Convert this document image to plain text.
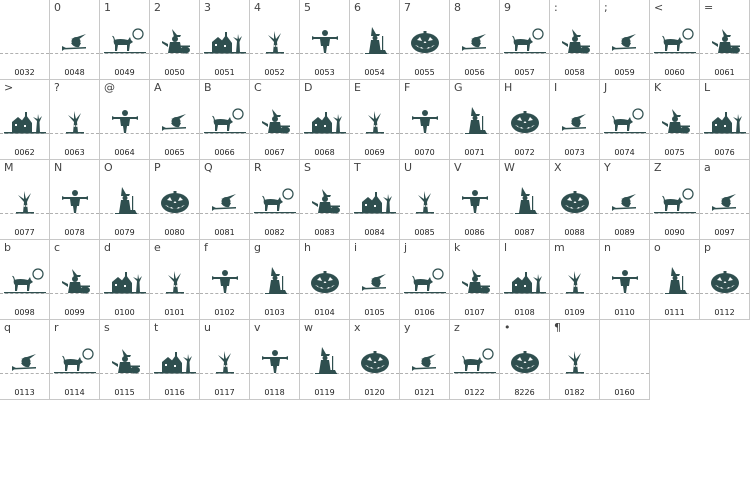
0032
0
0048
1
0049
2
0050
3
0051
4
0052
5
0053
6
0054
7
0055
8
0056
9
0057
:
0058
;
0059
<
0060
=
0061
>
0062
?
0063
@
0064
A
0065
B
0066
C
0067
D
0068
E
0069
F
0070
G
0071
H
0072
I
0073
J
0074
K
0075
L
0076
M
0077
N
0078
O
0079
P
0080
Q
0081
R
0082
S
0083
T
0084
U
0085
V
0086
W
0087
X
0088
Y
0089
Z
0090
a
0097
b
0098
c
0099
d
0100
e
0101
f
0102
g
0103
h
0104
i
0105
j
0106
k
0107
l
0108
m
0109
n
0110
o
0111
p
0112
q
0113
r
0114
s
0115
t
0116
u
0117
v
0118
w
0119
x
0120
y
0121
z
0122
•
8226
¶
0182	0160
